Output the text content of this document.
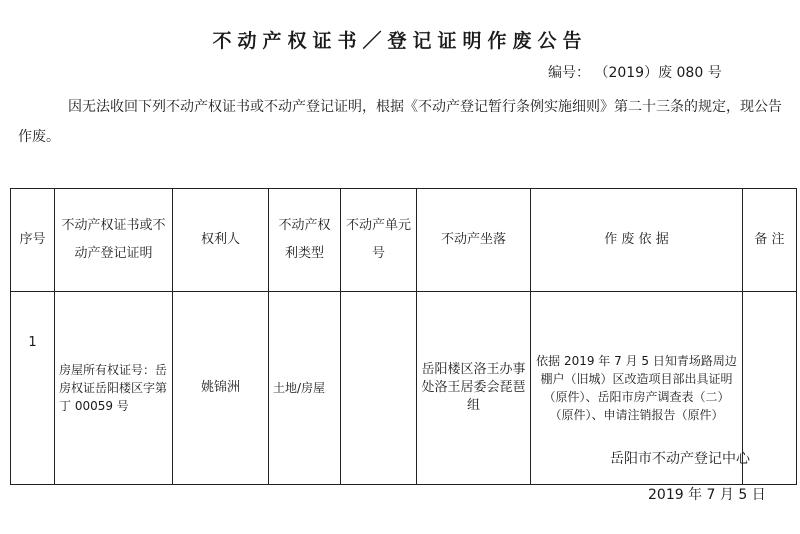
不动产权证书／登记证明作废公告
编号： （2019）废 080 号
因无法收回下列不动产权证书或不动产登记证明，根据《不动产登记暂行条例实施细则》第二十三条的规定，现公告作废。
序号	不动产权证书或不动产登记证明	权利人	不动产权利类型	不动产单元号	不动产坐落	作 废 依 据	备 注
1	房屋所有权证号：岳房权证岳阳楼区字第丁 00059 号	姚锦洲	土地/房屋		岳阳楼区洛王办事处洛王居委会琵琶组	依据 2019 年 7 月 5 日知青场路周边棚户（旧城）区改造项目部出具证明（原件）、岳阳市房产调查表（二）（原件）、申请注销报告（原件）	
岳阳市不动产登记中心
2019 年 7 月 5 日
